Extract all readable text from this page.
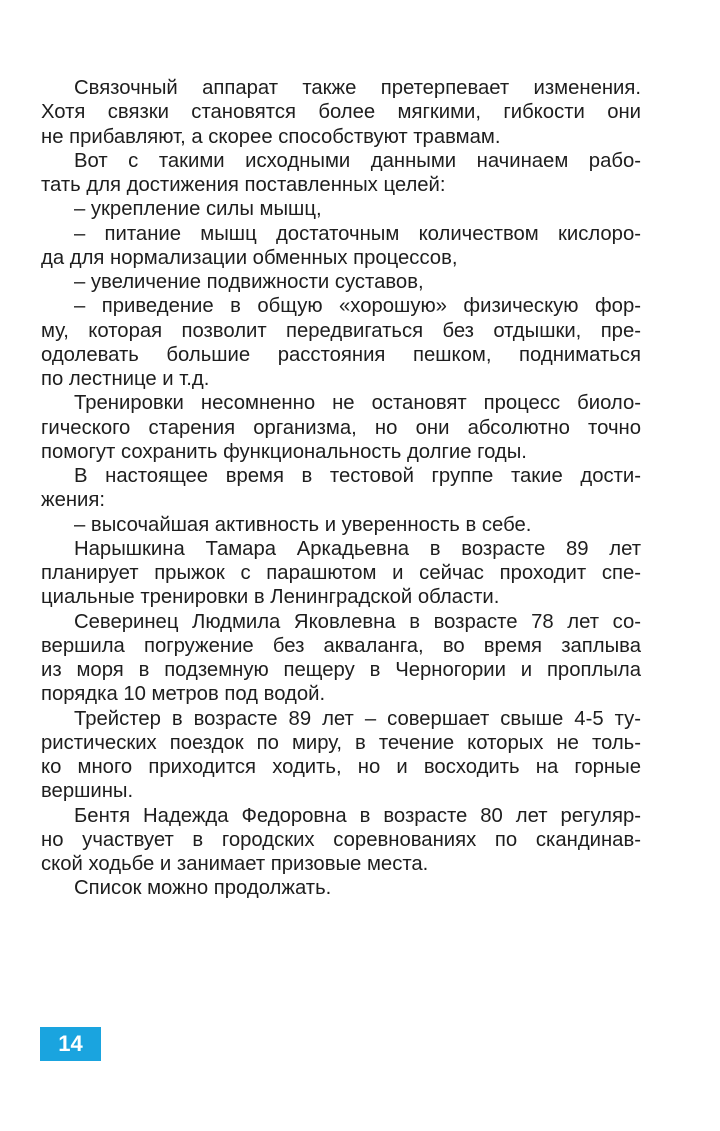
Связочный аппарат также претерпевает изменения.
Хотя связки становятся более мягкими, гибкости они
не прибавляют, а скорее способствуют травмам.
Вот с такими исходными данными начинаем рабо-
тать для достижения поставленных целей:
– укрепление силы мышц,
– питание мышц достаточным количеством кислоро-
да для нормализации обменных процессов,
– увеличение подвижности суставов,
– приведение в общую «хорошую» физическую фор-
му, которая позволит передвигаться без отдышки, пре-
одолевать большие расстояния пешком, подниматься
по лестнице и т.д.
Тренировки несомненно не остановят процесс биоло-
гического старения организма, но они абсолютно точно
помогут сохранить функциональность долгие годы.
В настоящее время в тестовой группе такие дости-
жения:
– высочайшая активность и уверенность в себе.
Нарышкина Тамара Аркадьевна в возрасте 89 лет
планирует прыжок с парашютом и сейчас проходит спе-
циальные тренировки в Ленинградской области.
Северинец Людмила Яковлевна в возрасте 78 лет со-
вершила погружение без акваланга, во время заплыва
из моря в подземную пещеру в Черногории и проплыла
порядка 10 метров под водой.
Трейстер в возрасте 89 лет – совершает свыше 4-5 ту-
ристических поездок по миру, в течение которых не толь-
ко много приходится ходить, но и восходить на горные
вершины.
Бентя Надежда Федоровна в возрасте 80 лет регуляр-
но участвует в городских соревнованиях по скандинав-
ской ходьбе и занимает призовые места.
Список можно продолжать.
14
